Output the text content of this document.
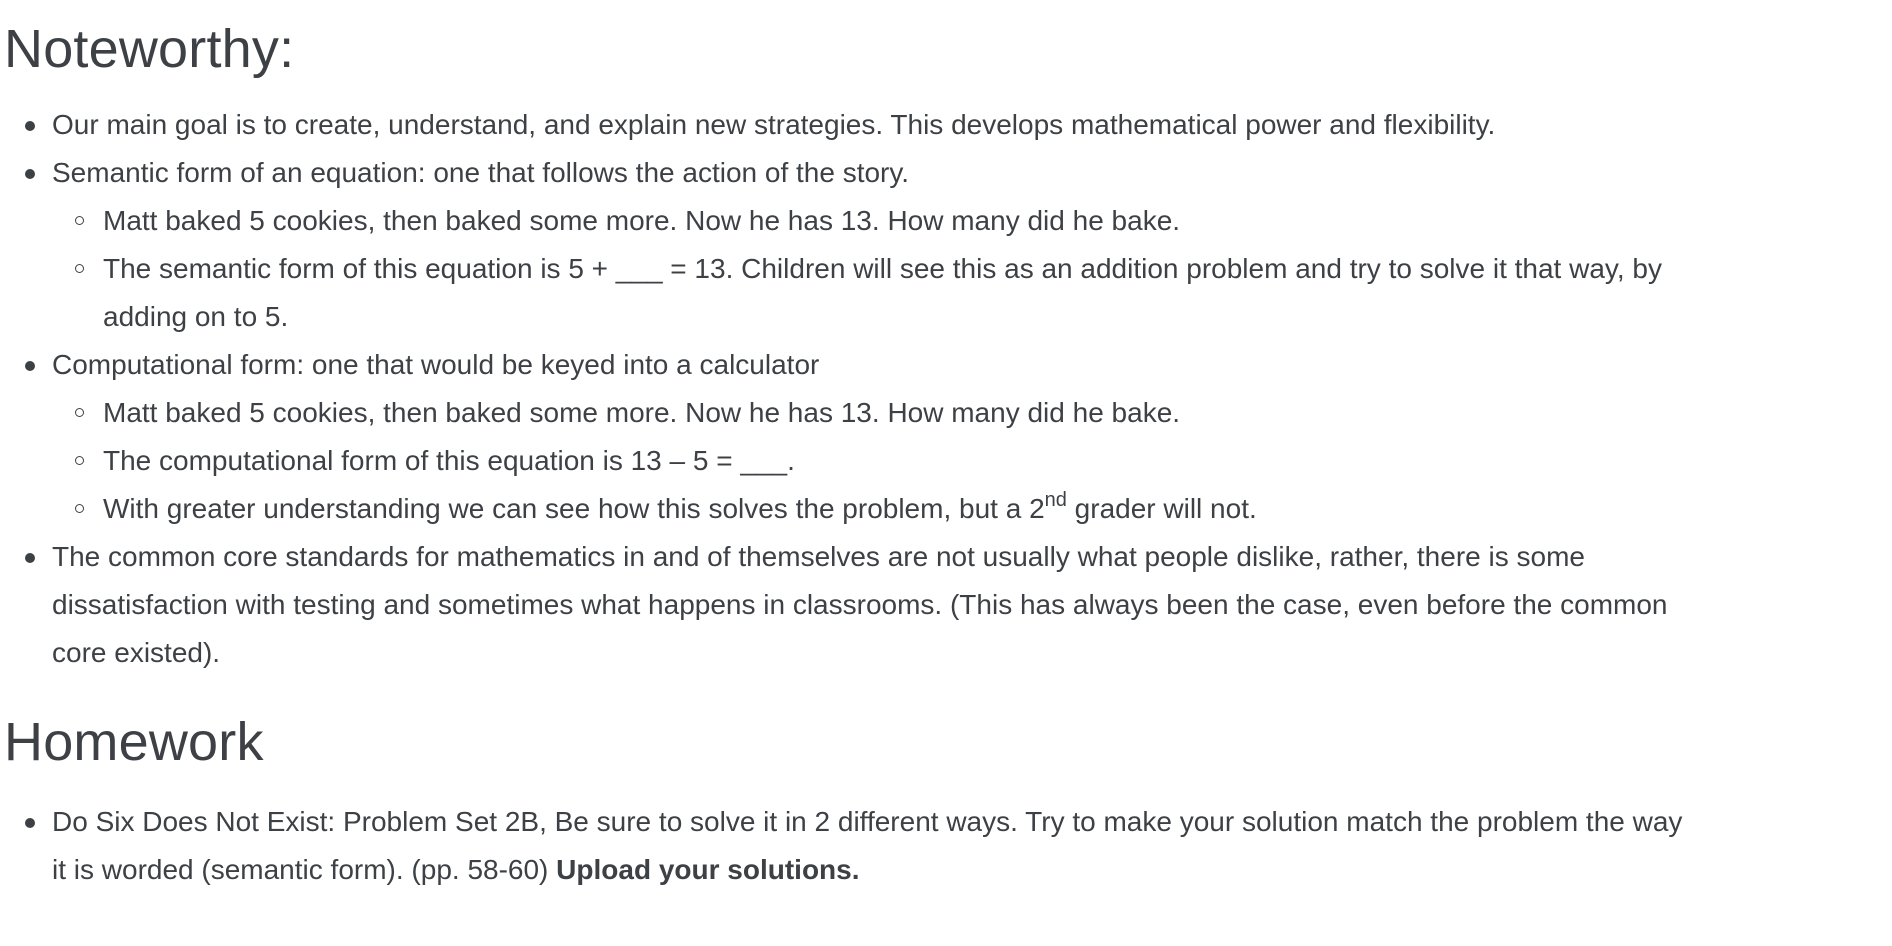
Noteworthy:
Our main goal is to create, understand, and explain new strategies. This develops mathematical power and flexibility.
Semantic form of an equation: one that follows the action of the story.
Matt baked 5 cookies, then baked some more. Now he has 13. How many did he bake.
The semantic form of this equation is 5 + ___ = 13. Children will see this as an addition problem and try to solve it that way, by adding on to 5.
Computational form: one that would be keyed into a calculator
Matt baked 5 cookies, then baked some more. Now he has 13. How many did he bake.
The computational form of this equation is 13 – 5 = ___.
With greater understanding we can see how this solves the problem, but a 2nd grader will not.
The common core standards for mathematics in and of themselves are not usually what people dislike, rather, there is some dissatisfaction with testing and sometimes what happens in classrooms. (This has always been the case, even before the common core existed).
Homework
Do Six Does Not Exist: Problem Set 2B, Be sure to solve it in 2 different ways. Try to make your solution match the problem the way it is worded (semantic form). (pp. 58-60) Upload your solutions.
